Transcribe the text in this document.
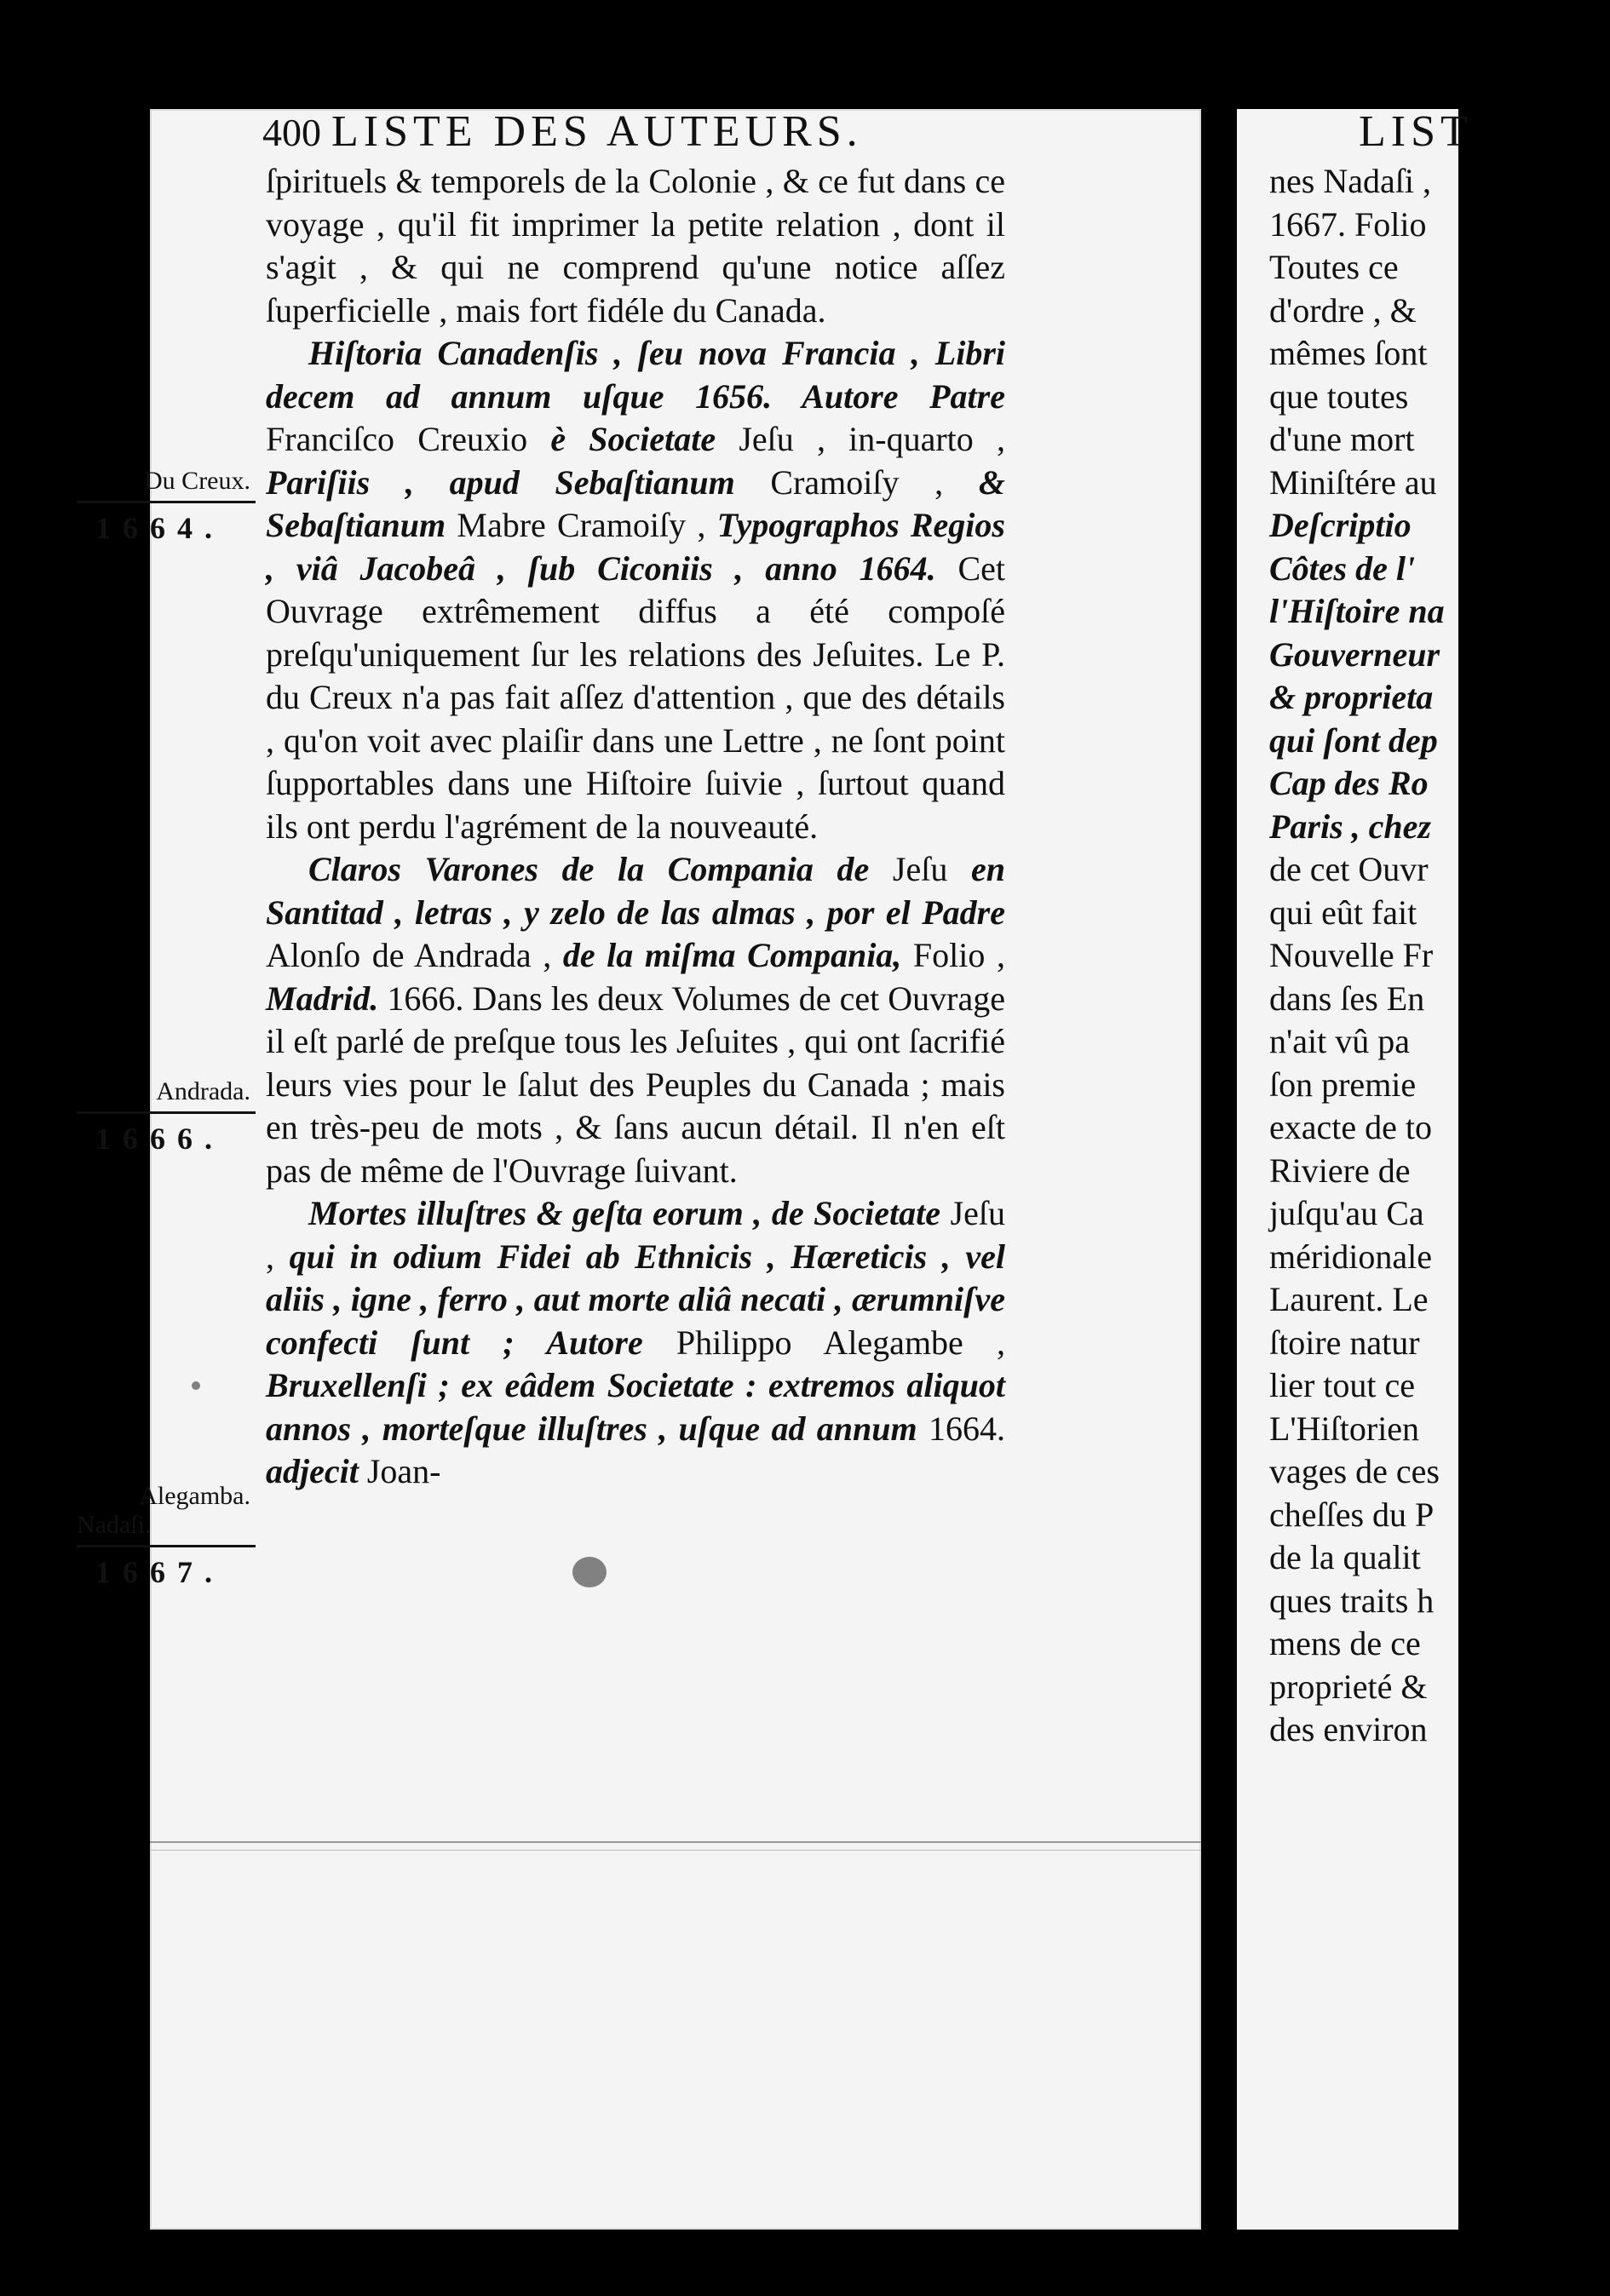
400 LISTE DES AUTEURS.
Du Creux.
1664.
Andrada.
1666.
Alegamba.
Nadaſi.
1667.

ſpirituels & temporels de la Colonie , & ce fut dans ce voyage , qu'il fit imprimer la petite relation , dont il s'agit , & qui ne comprend qu'une notice aſſez ſuperficielle , mais fort fidéle du Canada.

Hiſtoria Canadenſis , ſeu nova Francia , Libri decem ad annum uſque 1656. Autore Patre Franciſco Creuxio è Societate Jeſu , in-quarto , Pariſiis , apud Sebaſtianum Cramoiſy , & Sebaſtianum Mabre Cramoiſy , Typographos Regios , viâ Jacobeâ , ſub Ciconiis , anno 1664. Cet Ouvrage extrêmement diffus a été compoſé preſqu'uniquement ſur les relations des Jeſuites. Le P. du Creux n'a pas fait aſſez d'attention , que des détails , qu'on voit avec plaiſir dans une Lettre , ne ſont point ſupportables dans une Hiſtoire ſuivie , ſurtout quand ils ont perdu l'agrément de la nouveauté.

Claros Varones de la Compania de Jeſu en Santitad , letras , y zelo de las almas , por el Padre Alonſo de Andrada , de la miſma Compania, Folio , Madrid. 1666. Dans les deux Volumes de cet Ouvrage il eſt parlé de preſque tous les Jeſuites , qui ont ſacrifié leurs vies pour le ſalut des Peuples du Canada ; mais en très-peu de mots , & ſans aucun détail. Il n'en eſt pas de même de l'Ouvrage ſuivant.

Mortes illuſtres & geſta eorum , de Societate Jeſu , qui in odium Fidei ab Ethnicis , Hæreticis , vel aliis , igne , ferro , aut morte aliâ necati , ærumniſve confecti ſunt ; Autore Philippo Alegambe , Bruxellenſi ; ex eâdem Societate : extremos aliquot annos , morteſque illuſtres , uſque ad annum 1664. adjecit Joan-

LIST
nes Nadaſi ,
1667. Folio
Toutes ce
d'ordre , &
mêmes ſont
que toutes
d'une mort
Miniſtére au
Deſcriptio
Côtes de l'
l'Hiſtoire na
Gouverneur
& proprieta
qui ſont dep
Cap des Ro
Paris , chez
de cet Ouvr
qui eût fait
Nouvelle Fr
dans ſes En
n'ait vû pa
ſon premie
exacte de to
Riviere de
juſqu'au Ca
méridionale
Laurent. Le
ſtoire natur
lier tout ce
L'Hiſtorien
vages de ces
cheſſes du P
de la qualit
ques traits h
mens de ce
proprieté &
des environ
